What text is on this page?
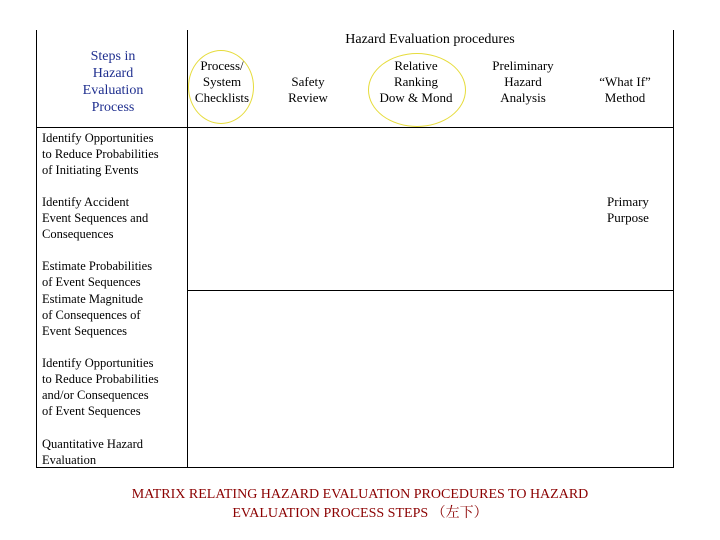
Hazard Evaluation procedures
Steps in
Hazard
Evaluation
Process
Process/
System
Checklists
Safety
Review
Relative
Ranking
Dow & Mond
Preliminary
Hazard
Analysis
“What If”
Method
Identify Opportunities
to Reduce Probabilities
of Initiating Events
Identify Accident
Event Sequences and
Consequences
Estimate Probabilities
of Event Sequences
Estimate Magnitude
of Consequences of
Event Sequences
Identify Opportunities
to Reduce Probabilities
and/or Consequences
of Event Sequences
Quantitative Hazard
Evaluation
Primary
Purpose
MATRIX RELATING HAZARD EVALUATION PROCEDURES TO HAZARD
EVALUATION PROCESS STEPS （左下）
